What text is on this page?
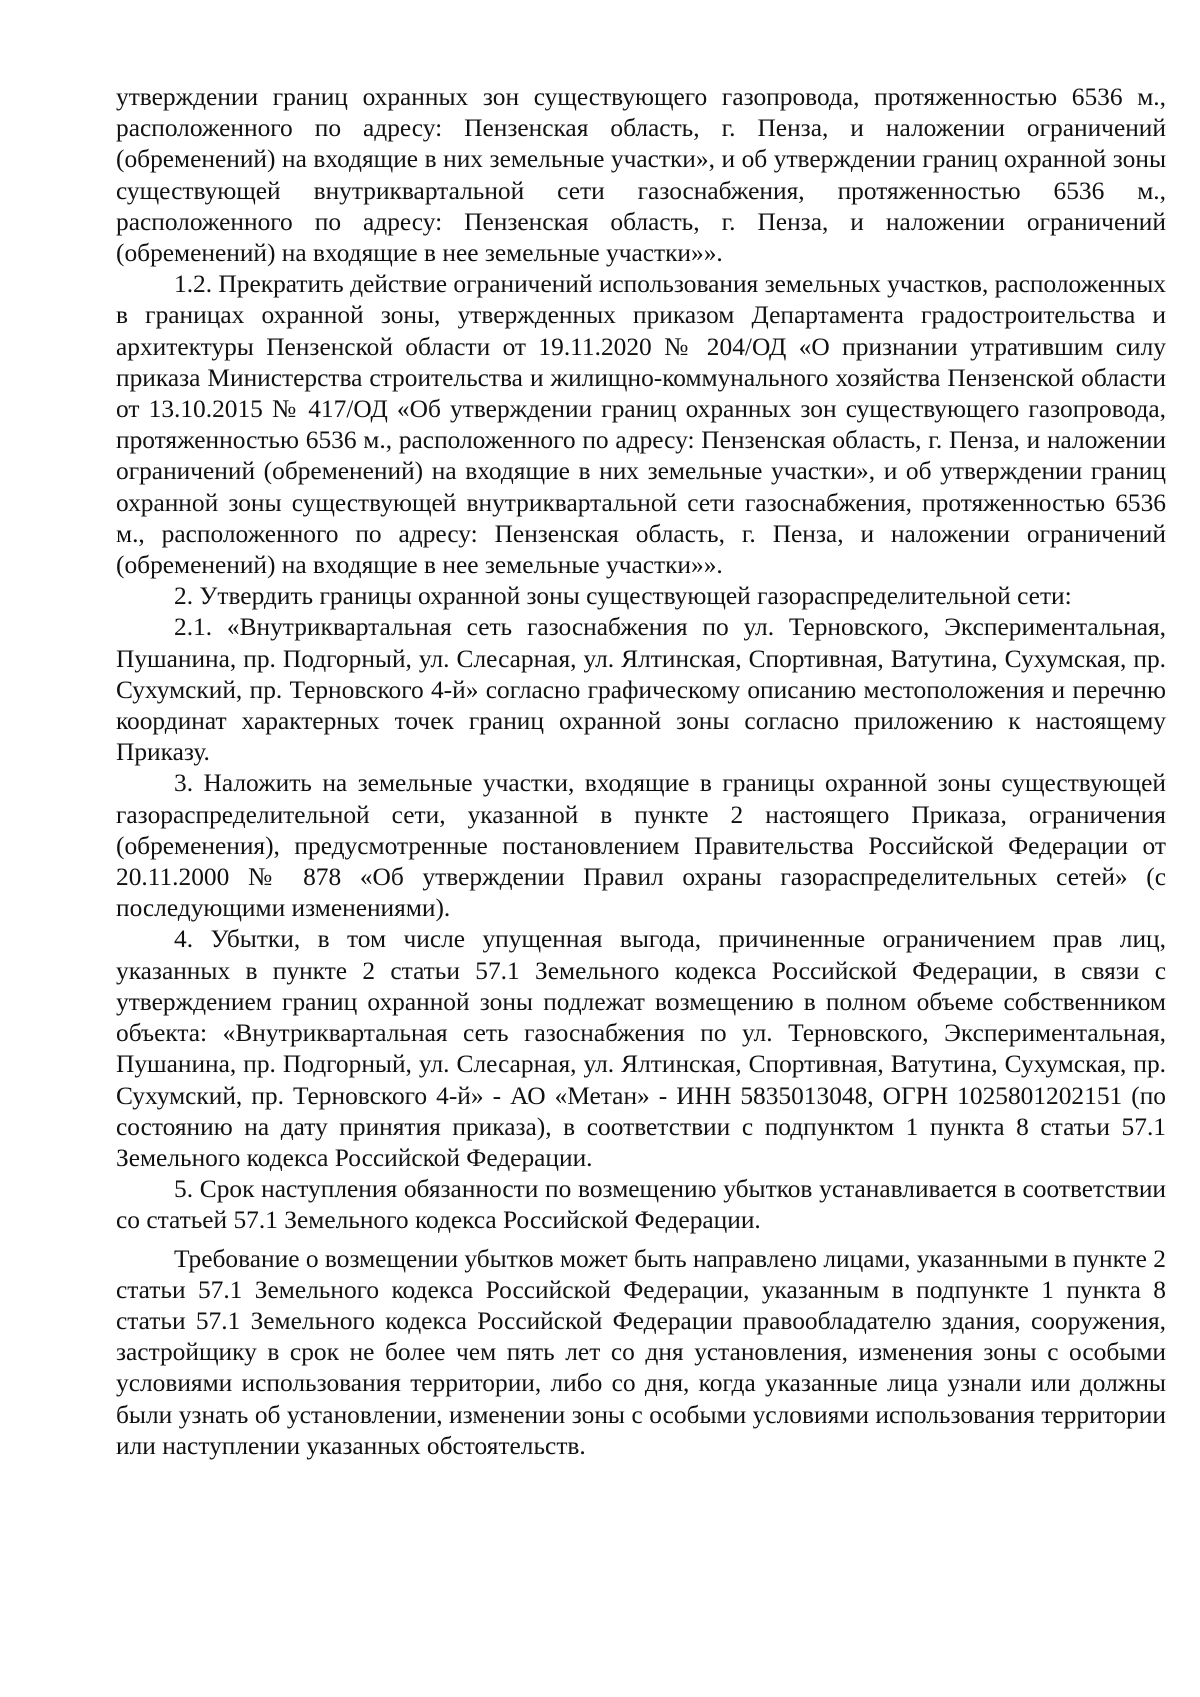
утверждении границ охранных зон существующего газопровода, протяженностью 6536 м., расположенного по адресу: Пензенская область, г. Пенза, и наложении ограничений (обременений) на входящие в них земельные участки», и об утверждении границ охранной зоны существующей внутриквартальной сети газоснабжения, протяженностью 6536 м., расположенного по адресу: Пензенская область, г. Пенза, и наложении ограничений (обременений) на входящие в нее земельные участки»».

1.2. Прекратить действие ограничений использования земельных участков, расположенных в границах охранной зоны, утвержденных приказом Департамента градостроительства и архитектуры Пензенской области от 19.11.2020 № 204/ОД «О признании утратившим силу приказа Министерства строительства и жилищно-коммунального хозяйства Пензенской области от 13.10.2015 № 417/ОД «Об утверждении границ охранных зон существующего газопровода, протяженностью 6536 м., расположенного по адресу: Пензенская область, г. Пенза, и наложении ограничений (обременений) на входящие в них земельные участки», и об утверждении границ охранной зоны существующей внутриквартальной сети газоснабжения, протяженностью 6536 м., расположенного по адресу: Пензенская область, г. Пенза, и наложении ограничений (обременений) на входящие в нее земельные участки»».

2. Утвердить границы охранной зоны существующей газораспределительной сети:

2.1. «Внутриквартальная сеть газоснабжения по ул. Терновского, Экспериментальная, Пушанина, пр. Подгорный, ул. Слесарная, ул. Ялтинская, Спортивная, Ватутина, Сухумская, пр. Сухумский, пр. Терновского 4-й» согласно графическому описанию местоположения и перечню координат характерных точек границ охранной зоны согласно приложению к настоящему Приказу.

3. Наложить на земельные участки, входящие в границы охранной зоны существующей газораспределительной сети, указанной в пункте 2 настоящего Приказа, ограничения (обременения), предусмотренные постановлением Правительства Российской Федерации от 20.11.2000 № 878 «Об утверждении Правил охраны газораспределительных сетей» (с последующими изменениями).

4. Убытки, в том числе упущенная выгода, причиненные ограничением прав лиц, указанных в пункте 2 статьи 57.1 Земельного кодекса Российской Федерации, в связи с утверждением границ охранной зоны подлежат возмещению в полном объеме собственником объекта: «Внутриквартальная сеть газоснабжения по ул. Терновского, Экспериментальная, Пушанина, пр. Подгорный, ул. Слесарная, ул. Ялтинская, Спортивная, Ватутина, Сухумская, пр. Сухумский, пр. Терновского 4-й» - АО «Метан» - ИНН 5835013048, ОГРН 1025801202151 (по состоянию на дату принятия приказа), в соответствии с подпунктом 1 пункта 8 статьи 57.1 Земельного кодекса Российской Федерации.

5. Срок наступления обязанности по возмещению убытков устанавливается в соответствии со статьей 57.1 Земельного кодекса Российской Федерации.

Требование о возмещении убытков может быть направлено лицами, указанными в пункте 2 статьи 57.1 Земельного кодекса Российской Федерации, указанным в подпункте 1 пункта 8 статьи 57.1 Земельного кодекса Российской Федерации правообладателю здания, сооружения, застройщику в срок не более чем пять лет со дня установления, изменения зоны с особыми условиями использования территории, либо со дня, когда указанные лица узнали или должны были узнать об установлении, изменении зоны с особыми условиями использования территории или наступлении указанных обстоятельств.
